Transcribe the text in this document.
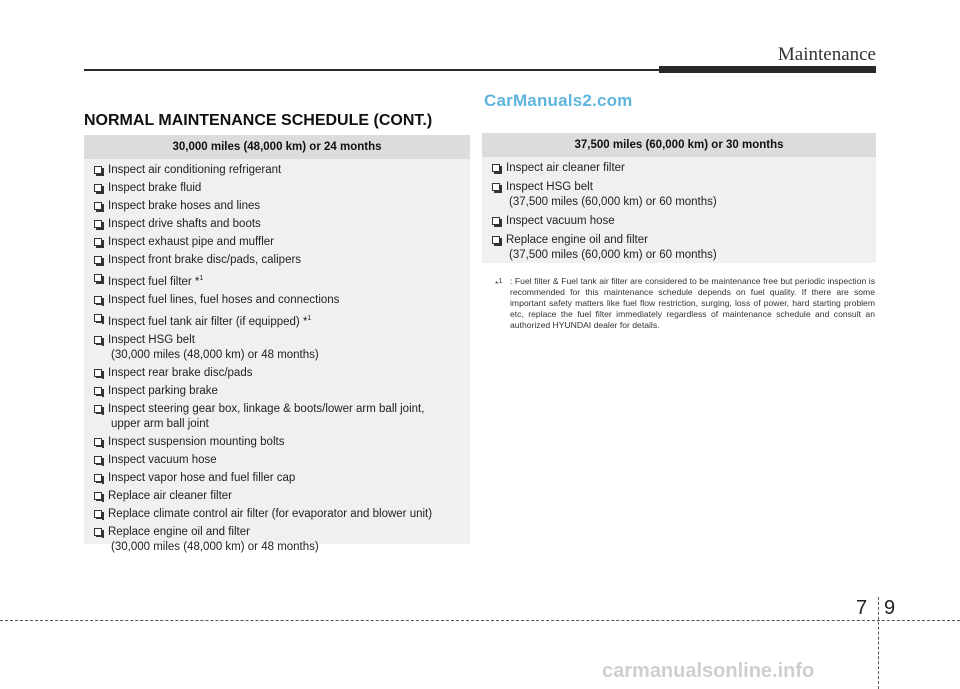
Maintenance
CarManuals2.com
NORMAL MAINTENANCE SCHEDULE (CONT.)
30,000 miles (48,000 km) or 24 months
Inspect air conditioning refrigerant
Inspect brake fluid
Inspect brake hoses and lines
Inspect drive shafts and boots
Inspect exhaust pipe and muffler
Inspect front brake disc/pads, calipers
Inspect fuel filter *$^1$
Inspect fuel lines, fuel hoses and connections
Inspect fuel tank air filter (if equipped) *$^1$
Inspect HSG belt
(30,000 miles (48,000 km) or 48 months)
Inspect rear brake disc/pads
Inspect parking brake
Inspect steering gear box, linkage & boots/lower arm ball joint,
upper arm ball joint
Inspect suspension mounting bolts
Inspect vacuum hose
Inspect vapor hose and fuel filler cap
Replace air cleaner filter
Replace climate control air filter (for evaporator and blower unit)
Replace engine oil and filter
(30,000 miles (48,000 km) or 48 months)
37,500 miles (60,000 km) or 30 months
Inspect air cleaner filter
Inspect HSG belt
(37,500 miles (60,000 km) or 60 months)
Inspect vacuum hose
Replace engine oil and filter
(37,500 miles (60,000 km) or 60 months)
*$^1$ : Fuel filter & Fuel tank air filter are considered to be maintenance free but periodic inspection is recommended for this maintenance schedule depends on fuel quality. If there are some important safety matters like fuel flow restriction, surging, loss of power, hard starting problem etc, replace the fuel filter immediately regardless of maintenance schedule and consult an authorized HYUNDAI dealer for details.
7 9
carmanualsonline.info
